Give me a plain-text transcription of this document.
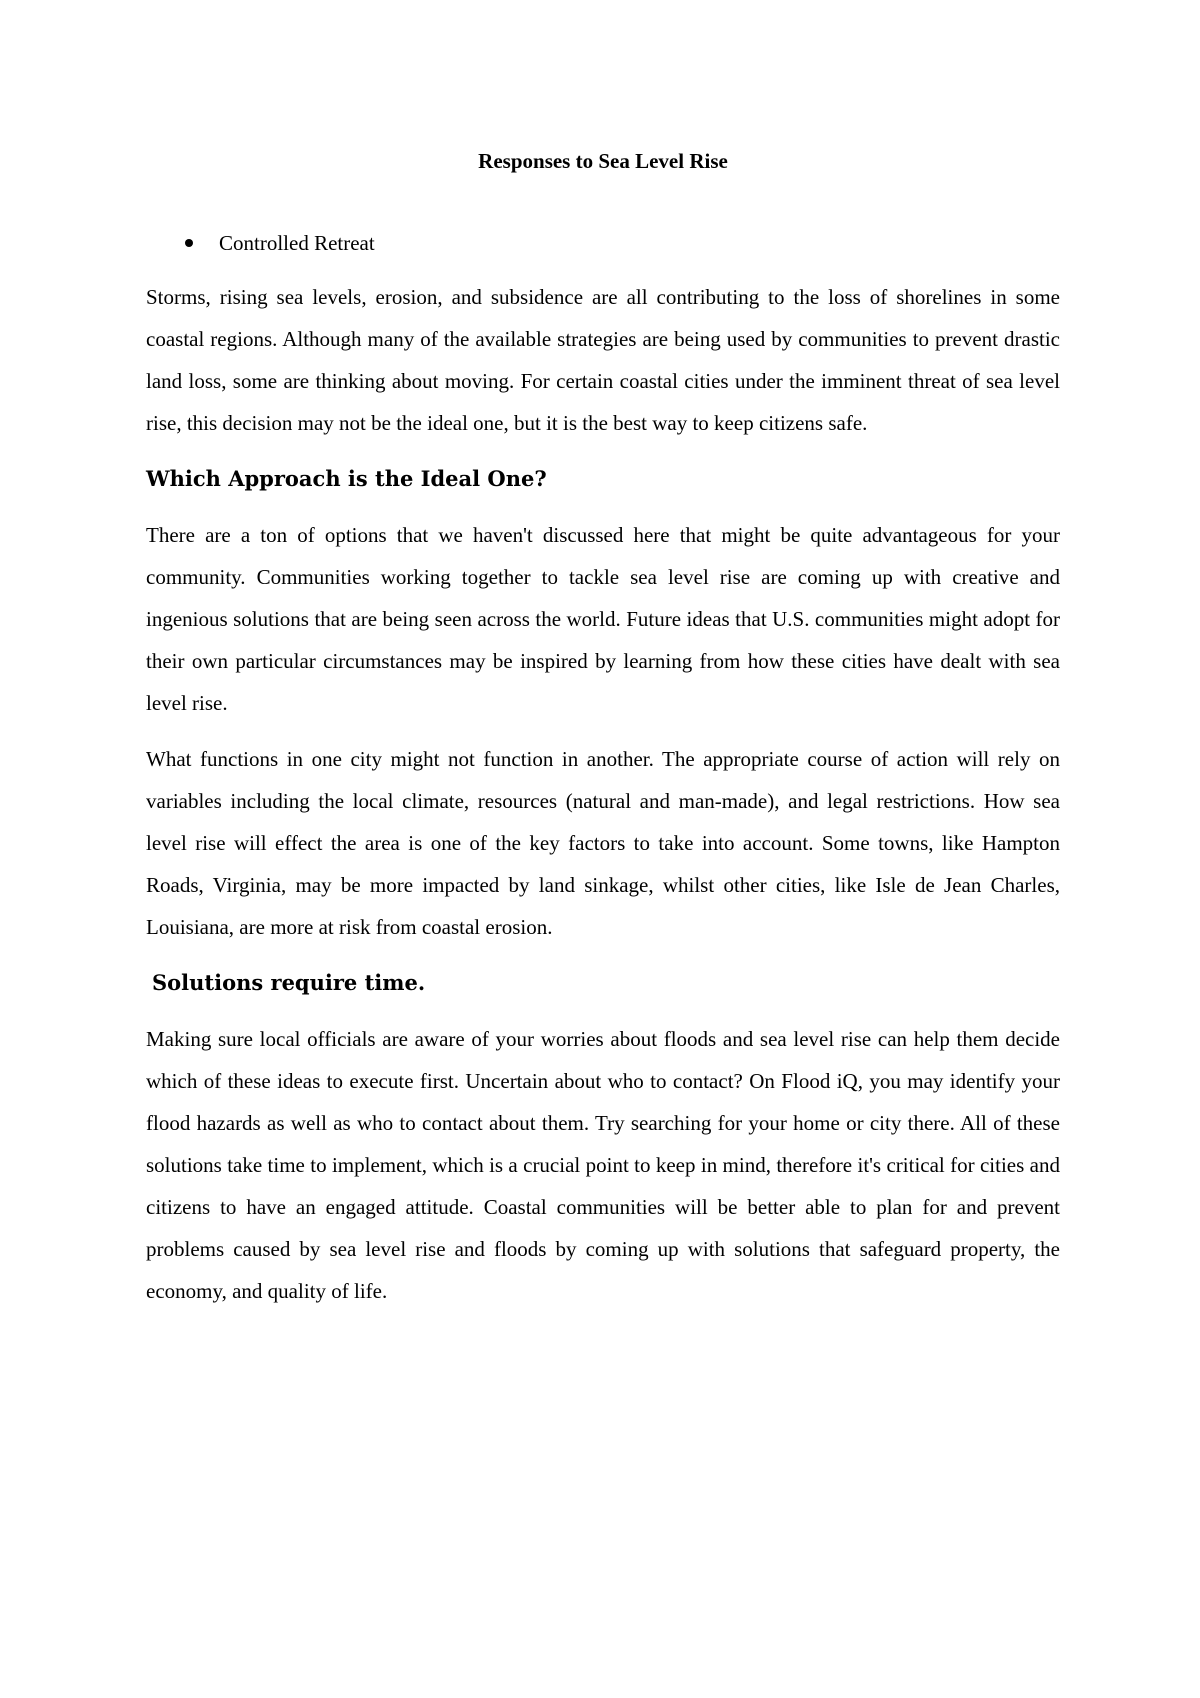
Responses to Sea Level Rise
Controlled Retreat

Storms, rising sea levels, erosion, and subsidence are all contributing to the loss of shorelines in some coastal regions. Although many of the available strategies are being used by communities to prevent drastic land loss, some are thinking about moving. For certain coastal cities under the imminent threat of sea level rise, this decision may not be the ideal one, but it is the best way to keep citizens safe.

Which Approach is the Ideal One?

There are a ton of options that we haven't discussed here that might be quite advantageous for your community. Communities working together to tackle sea level rise are coming up with creative and ingenious solutions that are being seen across the world. Future ideas that U.S. communities might adopt for their own particular circumstances may be inspired by learning from how these cities have dealt with sea level rise.

What functions in one city might not function in another. The appropriate course of action will rely on variables including the local climate, resources (natural and man-made), and legal restrictions. How sea level rise will effect the area is one of the key factors to take into account. Some towns, like Hampton Roads, Virginia, may be more impacted by land sinkage, whilst other cities, like Isle de Jean Charles, Louisiana, are more at risk from coastal erosion.

Solutions require time.

Making sure local officials are aware of your worries about floods and sea level rise can help them decide which of these ideas to execute first. Uncertain about who to contact? On Flood iQ, you may identify your flood hazards as well as who to contact about them. Try searching for your home or city there. All of these solutions take time to implement, which is a crucial point to keep in mind, therefore it's critical for cities and citizens to have an engaged attitude. Coastal communities will be better able to plan for and prevent problems caused by sea level rise and floods by coming up with solutions that safeguard property, the economy, and quality of life.
